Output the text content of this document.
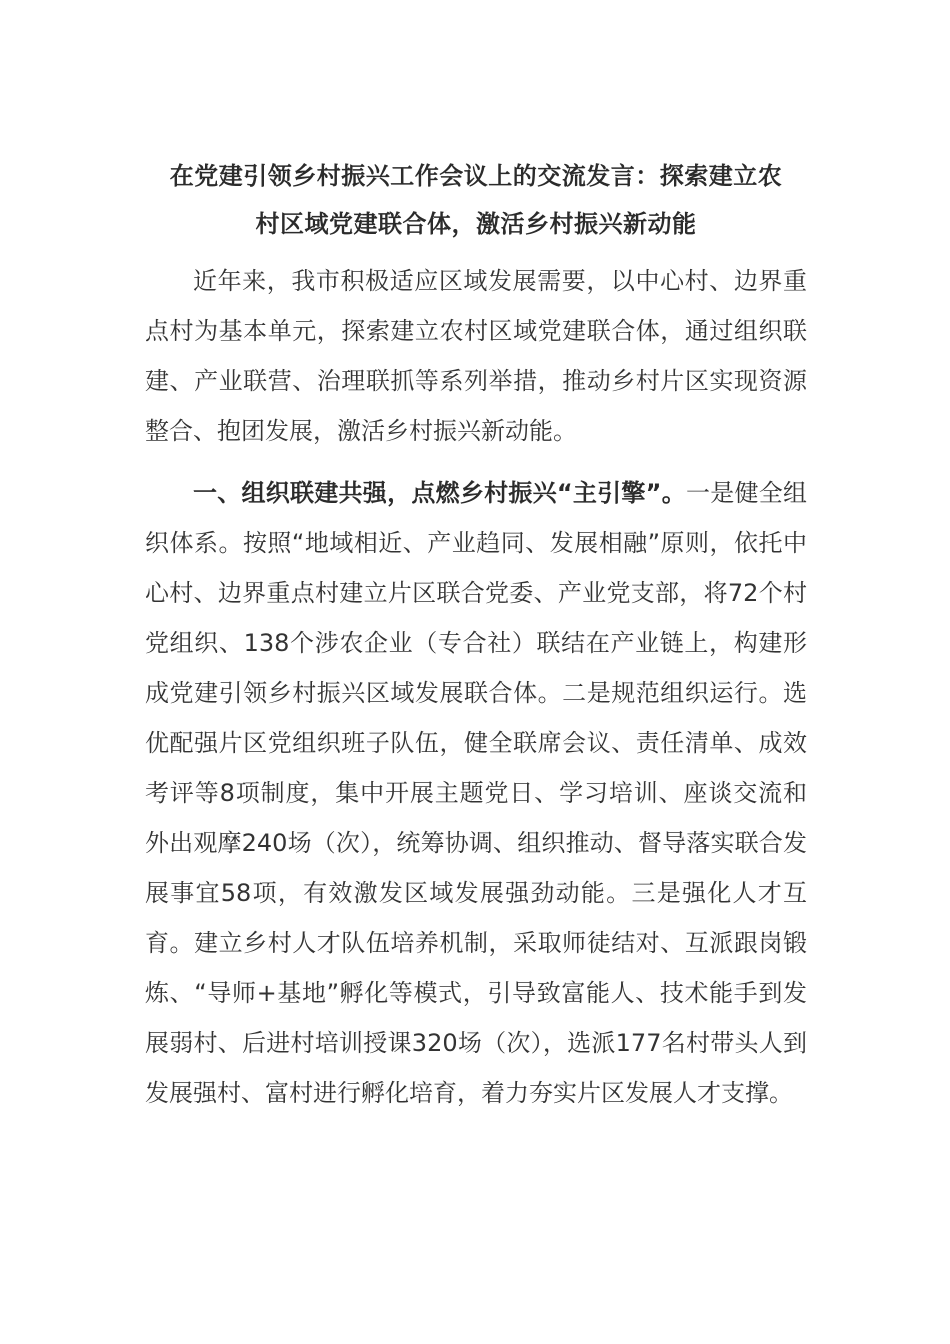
在党建引领乡村振兴工作会议上的交流发言：探索建立农
村区域党建联合体，激活乡村振兴新动能

近年来，我市积极适应区域发展需要，以中心村、边界重点村为基本单元，探索建立农村区域党建联合体，通过组织联建、产业联营、治理联抓等系列举措，推动乡村片区实现资源整合、抱团发展，激活乡村振兴新动能。

一、组织联建共强，点燃乡村振兴“主引擎”。一是健全组织体系。按照“地域相近、产业趋同、发展相融”原则，依托中心村、边界重点村建立片区联合党委、产业党支部，将72个村党组织、138个涉农企业（专合社）联结在产业链上，构建形成党建引领乡村振兴区域发展联合体。二是规范组织运行。选优配强片区党组织班子队伍，健全联席会议、责任清单、成效考评等8项制度，集中开展主题党日、学习培训、座谈交流和外出观摩240场（次），统筹协调、组织推动、督导落实联合发展事宜58项，有效激发区域发展强劲动能。三是强化人才互育。建立乡村人才队伍培养机制，采取师徒结对、互派跟岗锻炼、“导师+基地”孵化等模式，引导致富能人、技术能手到发展弱村、后进村培训授课320场（次），选派177名村带头人到发展强村、富村进行孵化培育，着力夯实片区发展人才支撑。
